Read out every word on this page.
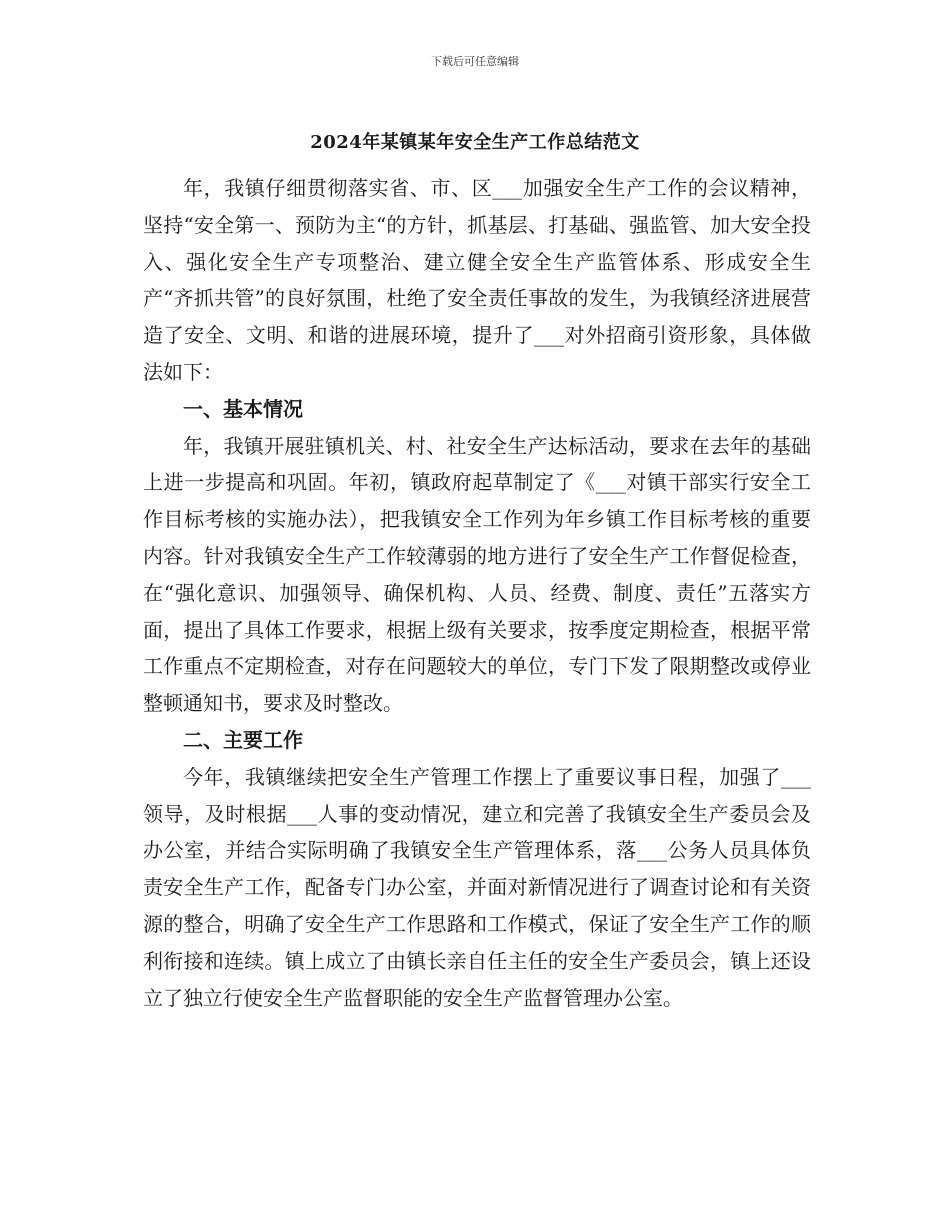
下载后可任意编辑
2024年某镇某年安全生产工作总结范文

年，我镇仔细贯彻落实省、市、区___加强安全生产工作的会议精神，坚持“安全第一、预防为主“的方针，抓基层、打基础、强监管、加大安全投入、强化安全生产专项整治、建立健全安全生产监管体系、形成安全生产“齐抓共管”的良好氛围，杜绝了安全责任事故的发生，为我镇经济进展营造了安全、文明、和谐的进展环境，提升了___对外招商引资形象，具体做法如下：

一、基本情况

年，我镇开展驻镇机关、村、社安全生产达标活动，要求在去年的基础上进一步提高和巩固。年初，镇政府起草制定了《___对镇干部实行安全工作目标考核的实施办法），把我镇安全工作列为年乡镇工作目标考核的重要内容。针对我镇安全生产工作较薄弱的地方进行了安全生产工作督促检查，在“强化意识、加强领导、确保机构、人员、经费、制度、责任”五落实方面，提出了具体工作要求，根据上级有关要求，按季度定期检查，根据平常工作重点不定期检查，对存在问题较大的单位，专门下发了限期整改或停业整顿通知书，要求及时整改。

二、主要工作

今年，我镇继续把安全生产管理工作摆上了重要议事日程，加强了___领导，及时根据___人事的变动情况，建立和完善了我镇安全生产委员会及办公室，并结合实际明确了我镇安全生产管理体系，落___公务人员具体负责安全生产工作，配备专门办公室，并面对新情况进行了调查讨论和有关资源的整合，明确了安全生产工作思路和工作模式，保证了安全生产工作的顺利衔接和连续。镇上成立了由镇长亲自任主任的安全生产委员会，镇上还设立了独立行使安全生产监督职能的安全生产监督管理办公室。
